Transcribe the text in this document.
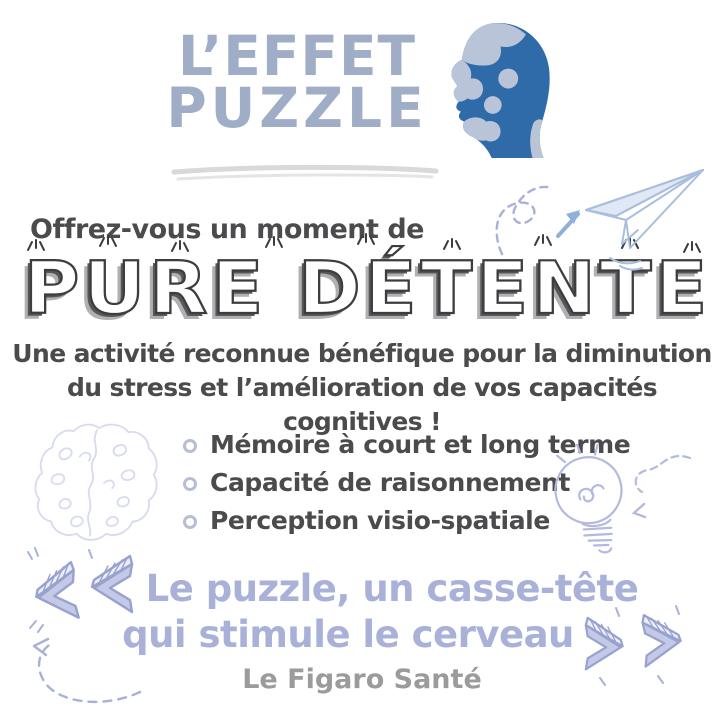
L’EFFET
PUZZLE
Offrez-vous un moment de
PURE DÉTENTE
Une activité reconnue bénéfique pour la diminution
du stress et l’amélioration de vos capacités cognitives !
Mémoire à court et long terme
Capacité de raisonnement
Perception visio-spatiale
Le puzzle, un casse-tête
qui stimule le cerveau
Le Figaro Santé
